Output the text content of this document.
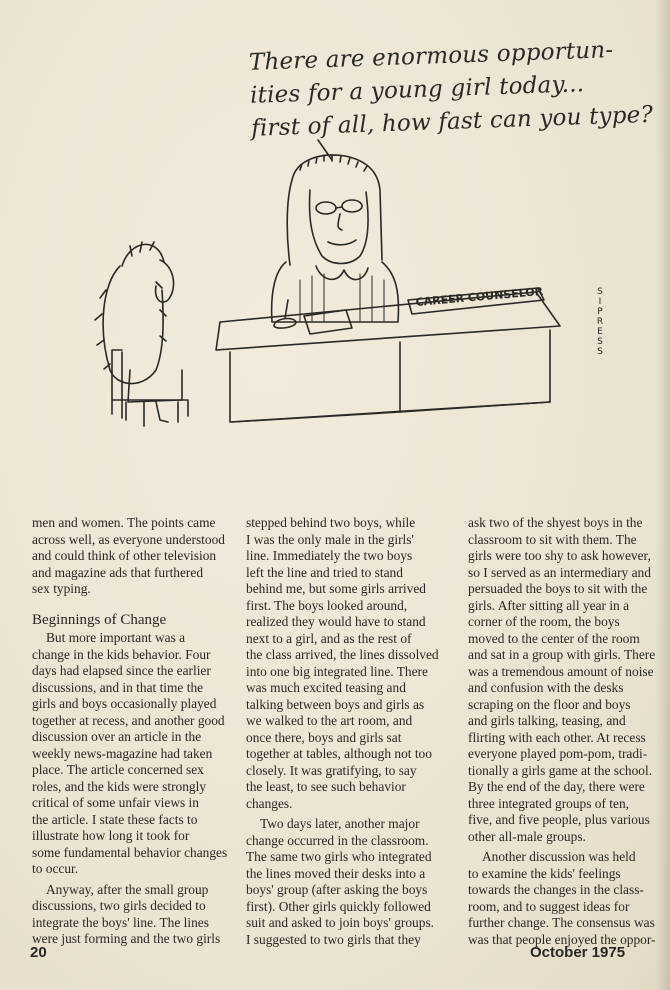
CAREER COUNSELOR
There are enormous opportun-
ities for a young girl today...
first of all, how fast can you type?
S
I
P
R
E
S
S

men and women. The points came
across well, as everyone understood
and could think of other television
and magazine ads that furthered
sex typing.

Beginnings of Change

But more important was a
change in the kids behavior. Four
days had elapsed since the earlier
discussions, and in that time the
girls and boys occasionally played
together at recess, and another good
discussion over an article in the
weekly news-magazine had taken
place. The article concerned sex
roles, and the kids were strongly
critical of some unfair views in
the article. I state these facts to
illustrate how long it took for
some fundamental behavior changes
to occur.

Anyway, after the small group
discussions, two girls decided to
integrate the boys' line. The lines
were just forming and the two girls

stepped behind two boys, while
I was the only male in the girls'
line. Immediately the two boys
left the line and tried to stand
behind me, but some girls arrived
first. The boys looked around,
realized they would have to stand
next to a girl, and as the rest of
the class arrived, the lines dissolved
into one big integrated line. There
was much excited teasing and
talking between boys and girls as
we walked to the art room, and
once there, boys and girls sat
together at tables, although not too
closely. It was gratifying, to say
the least, to see such behavior
changes.

Two days later, another major
change occurred in the classroom.
The same two girls who integrated
the lines moved their desks into a
boys' group (after asking the boys
first). Other girls quickly followed
suit and asked to join boys' groups.
I suggested to two girls that they

ask two of the shyest boys in the
classroom to sit with them. The
girls were too shy to ask however,
so I served as an intermediary and
persuaded the boys to sit with the
girls. After sitting all year in a
corner of the room, the boys
moved to the center of the room
and sat in a group with girls. There
was a tremendous amount of noise
and confusion with the desks
scraping on the floor and boys
and girls talking, teasing, and
flirting with each other. At recess
everyone played pom-pom, tradi-
tionally a girls game at the school.
By the end of the day, there were
three integrated groups of ten,
five, and five people, plus various
other all-male groups.

Another discussion was held
to examine the kids' feelings
towards the changes in the class-
room, and to suggest ideas for
further change. The consensus was
was that people enjoyed the oppor-

20	October 1975
